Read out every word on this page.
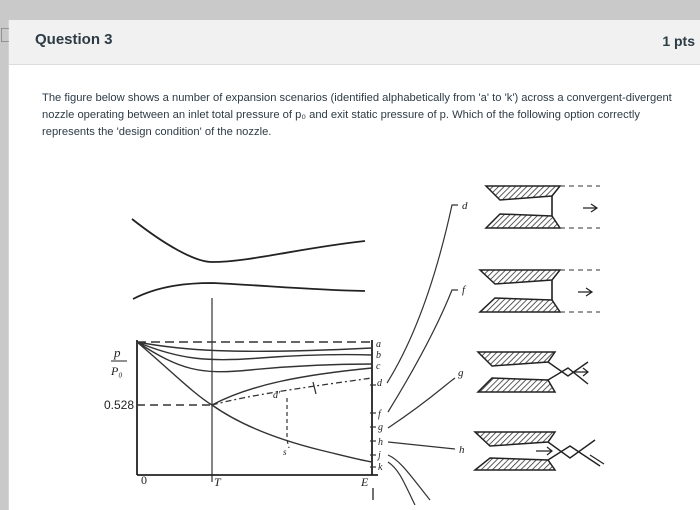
Question 3	1 pts
The figure below shows a number of expansion scenarios (identified alphabetically from 'a' to 'k') across a convergent-divergent nozzle operating between an inlet total pressure of p₀ and exit static pressure of p. Which of the following option correctly represents the 'design condition' of the nozzle.
p
P₀
0.528
0	T	E
a
b
c
d
f
g
h
j
k
d'
s
d
f
g
h
